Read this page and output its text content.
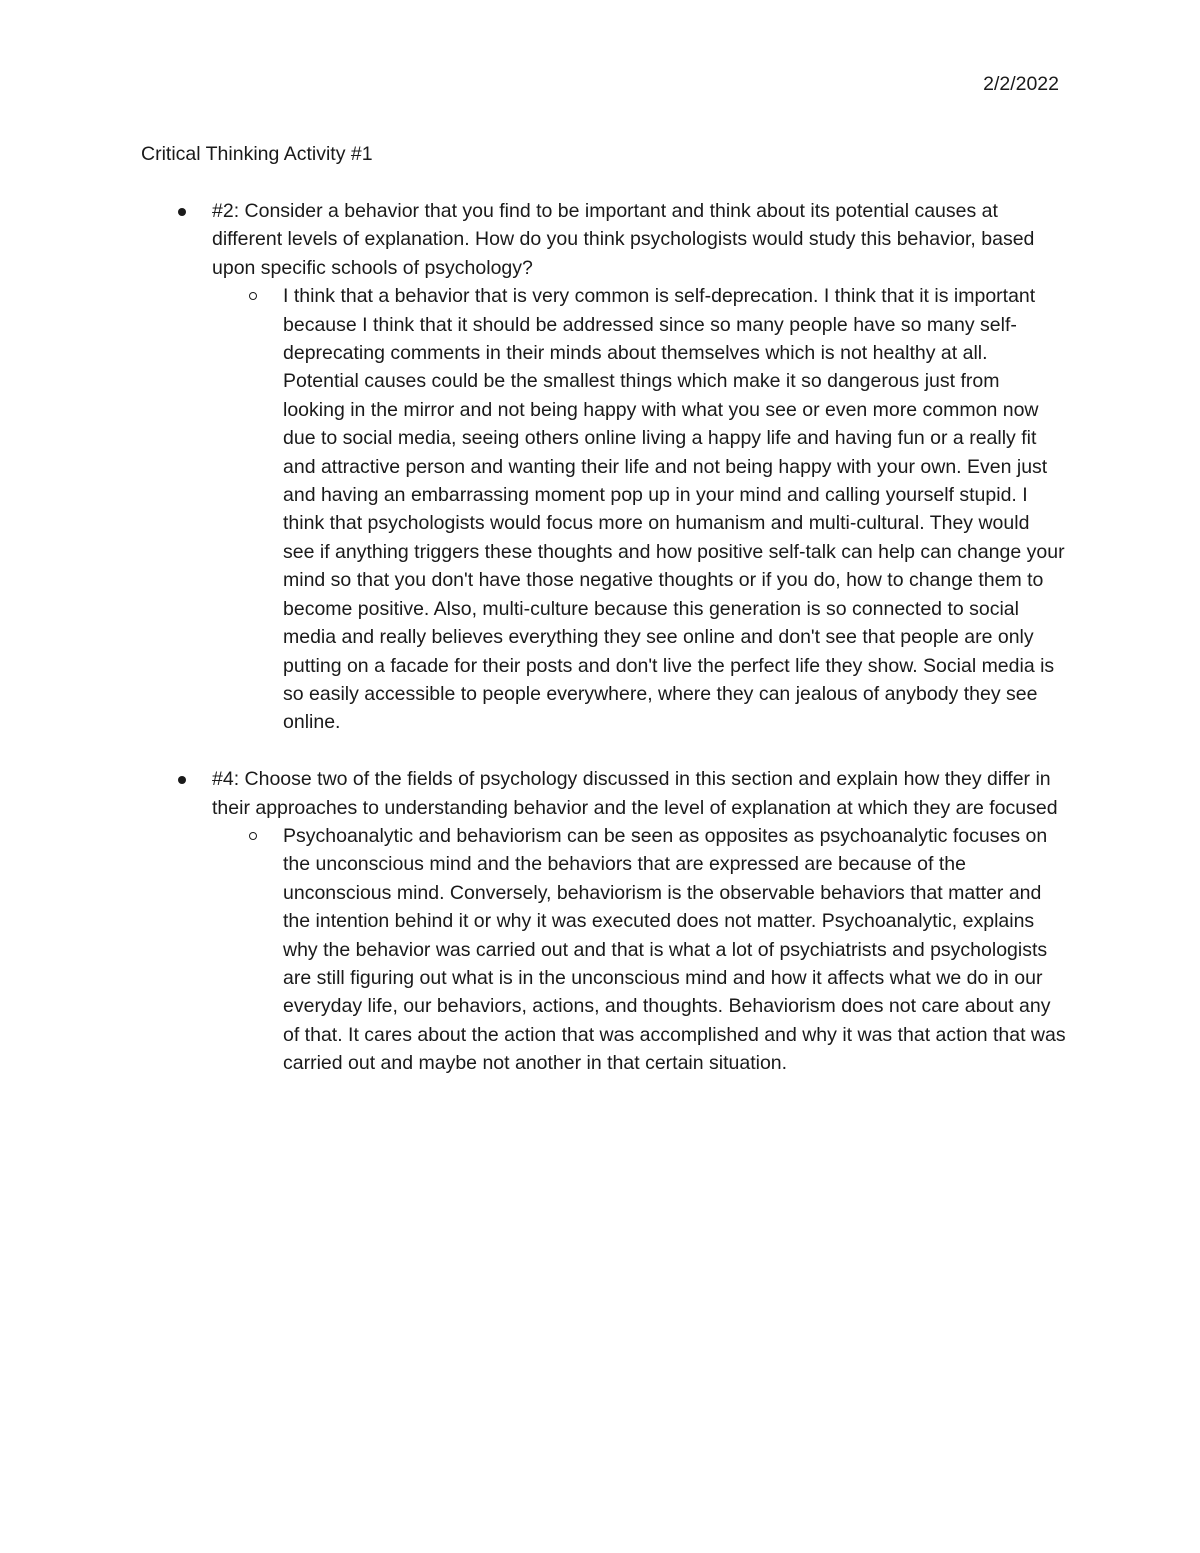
2/2/2022

Critical Thinking Activity #1
#2: Consider a behavior that you find to be important and think about its potential causes at different levels of explanation. How do you think psychologists would study this behavior, based upon specific schools of psychology?
I think that a behavior that is very common is self-deprecation. I think that it is important because I think that it should be addressed since so many people have so many self-deprecating comments in their minds about themselves which is not healthy at all. Potential causes could be the smallest things which make it so dangerous just from looking in the mirror and not being happy with what you see or even more common now due to social media, seeing others online living a happy life and having fun or a really fit and attractive person and wanting their life and not being happy with your own. Even just and having an embarrassing moment pop up in your mind and calling yourself stupid. I think that psychologists would focus more on humanism and multi-cultural. They would see if anything triggers these thoughts and how positive self-talk can help can change your mind so that you don't have those negative thoughts or if you do, how to change them to become positive. Also, multi-culture because this generation is so connected to social media and really believes everything they see online and don't see that people are only putting on a facade for their posts and don't live the perfect life they show. Social media is so easily accessible to people everywhere, where they can jealous of anybody they see online.
#4: Choose two of the fields of psychology discussed in this section and explain how they differ in their approaches to understanding behavior and the level of explanation at which they are focused
Psychoanalytic and behaviorism can be seen as opposites as psychoanalytic focuses on the unconscious mind and the behaviors that are expressed are because of the unconscious mind. Conversely, behaviorism is the observable behaviors that matter and the intention behind it or why it was executed does not matter. Psychoanalytic, explains why the behavior was carried out and that is what a lot of psychiatrists and psychologists are still figuring out what is in the unconscious mind and how it affects what we do in our everyday life, our behaviors, actions, and thoughts. Behaviorism does not care about any of that. It cares about the action that was accomplished and why it was that action that was carried out and maybe not another in that certain situation.
